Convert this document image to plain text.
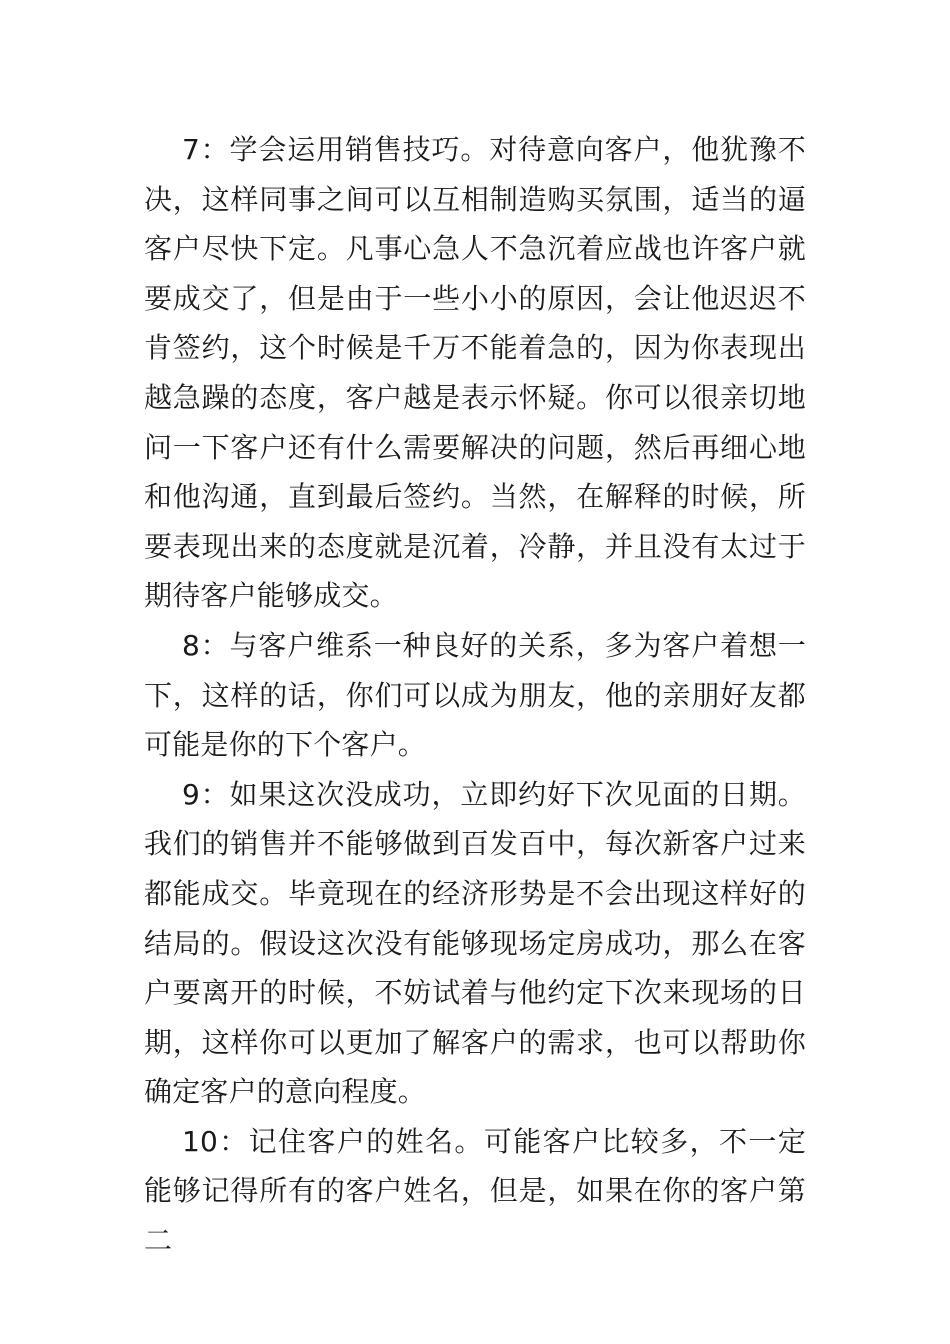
7：学会运用销售技巧。对待意向客户，他犹豫不决，这样同事之间可以互相制造购买氛围，适当的逼客户尽快下定。凡事心急人不急沉着应战也许客户就要成交了，但是由于一些小小的原因，会让他迟迟不肯签约，这个时候是千万不能着急的，因为你表现出越急躁的态度，客户越是表示怀疑。你可以很亲切地问一下客户还有什么需要解决的问题，然后再细心地和他沟通，直到最后签约。当然，在解释的时候，所要表现出来的态度就是沉着，冷静，并且没有太过于期待客户能够成交。

8：与客户维系一种良好的关系，多为客户着想一下，这样的话，你们可以成为朋友，他的亲朋好友都可能是你的下个客户。

9：如果这次没成功，立即约好下次见面的日期。我们的销售并不能够做到百发百中，每次新客户过来都能成交。毕竟现在的经济形势是不会出现这样好的结局的。假设这次没有能够现场定房成功，那么在客户要离开的时候，不妨试着与他约定下次来现场的日期，这样你可以更加了解客户的需求，也可以帮助你确定客户的意向程度。

10：记住客户的姓名。可能客户比较多，不一定能够记得所有的客户姓名，但是，如果在你的客户第二
